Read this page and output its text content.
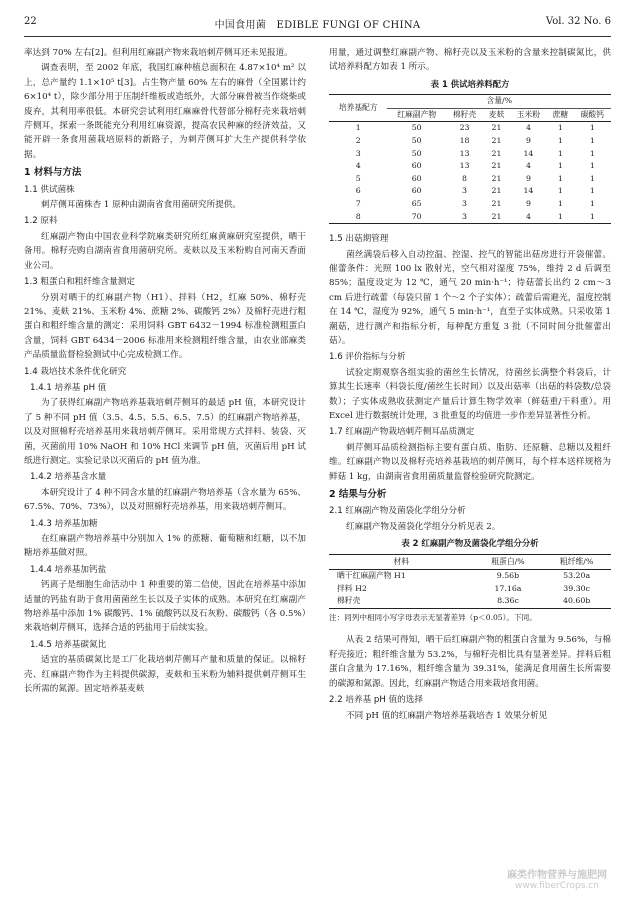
22	中国食用菌 EDIBLE FUNGI OF CHINA	Vol. 32 No. 6
率达到 70% 左右[2]。但利用红麻副产物来栽培刺芹侧耳还未见报道。
调查表明，至 2002 年底，我国红麻种植总面积在 4.87×10⁴ m² 以上，总产量约 1.1×10⁵ t[3]。占生物产量 60% 左右的麻骨（全国累计约 6×10⁴ t），除少部分用于压制纤维板或造纸外，大部分麻骨被当作烧柴或废弃，其利用率很低。本研究尝试利用红麻麻骨代替部分棉籽壳来栽培刺芹侧耳，探索一条既能充分利用红麻资源，提高农民种麻的经济效益，又能开辟一条食用菌栽培原料的新路子，为刺芹侧耳扩大生产提供科学依据。
1 材料与方法
1.1 供试菌株
刺芹侧耳菌株杏 1 原种由湖南省食用菌研究所提供。
1.2 原料
红麻副产物由中国农业科学院麻类研究所红麻黄麻研究室提供，晒干备用。棉籽壳购自湖南省食用菌研究所。麦麸以及玉米粉购自河南天香面业公司。
1.3 粗蛋白和粗纤维含量测定
分别对晒干的红麻副产物（H1）、拌料（H2，红麻 50%、棉籽壳 21%、麦麸 21%、玉米粉 4%、蔗糖 2%、碳酸钙 2%）及棉籽壳进行粗蛋白和粗纤维含量的测定：采用饲料 GBT 6432－1994 标准检测粗蛋白含量，饲料 GBT 6434－2006 标准用来检测粗纤维含量，由农业部麻类产品质量监督检验测试中心完成检测工作。
1.4 栽培技术条件优化研究
1.4.1 培养基 pH 值
为了获得红麻副产物培养基栽培刺芹侧耳的最适 pH 值，本研究设计了 5 种不同 pH 值（3.5、4.5、5.5、6.5、7.5）的红麻副产物培养基，以及对照棉籽壳培养基用来栽培刺芹侧耳。采用常规方式拌料、装袋、灭菌，灭菌前用 10% NaOH 和 10% HCl 来调节 pH 值，灭菌后用 pH 试纸进行测定。实验记录以灭菌后的 pH 值为准。
1.4.2 培养基含水量
本研究设计了 4 种不同含水量的红麻副产物培养基（含水量为 65%、67.5%、70%、73%），以及对照棉籽壳培养基，用来栽培刺芹侧耳。
1.4.3 培养基加糖
在红麻副产物培养基中分别加入 1% 的蔗糖、葡萄糖和红糖，以不加糖培养基做对照。
1.4.4 培养基加钙盐
钙离子是细胞生命活动中 1 种重要的第二信使，因此在培养基中添加适量的钙盐有助于食用菌菌丝生长以及子实体的成熟。本研究在红麻副产物培养基中添加 1% 碳酸钙、1% 硫酸钙以及石灰粉、碳酸钙（各 0.5%）来栽培刺芹侧耳，选择合适的钙盐用于后续实验。
1.4.5 培养基碳氮比
适宜的基质碳氮比是工厂化栽培刺芹侧耳产量和质量的保证。以棉籽壳、红麻副产物作为主料提供碳源，麦麸和玉米粉为辅料提供刺芹侧耳生长所需的氮源。固定培养基麦麸
用量，通过调整红麻副产物、棉籽壳以及玉米粉的含量来控制碳氮比，供试培养料配方如表 1 所示。
表 1 供试培养料配方
培养基配方	含量/%					
	红麻副产物	棉籽壳	麦麸	玉米粉	蔗糖	碳酸钙
1	50	23	21	4	1	1
2	50	18	21	9	1	1
3	50	13	21	14	1	1
4	60	13	21	4	1	1
5	60	8	21	9	1	1
6	60	3	21	14	1	1
7	65	3	21	9	1	1
8	70	3	21	4	1	1
1.5 出菇期管理
菌丝满袋后移入自动控温、控湿、控气的智能出菇房进行开袋催蕾。催蕾条件：光照 100 lx 散射光，空气相对湿度 75%，维持 2 d 后调至 85%；温度设定为 12 ℃，通气 20 min·h⁻¹；待菇蕾长出约 2 cm～3 cm 后进行疏蕾（每袋只留 1 个～2 个子实体）；疏蕾后需避光，温度控制在 14 ℃，湿度为 92%，通气 5 min·h⁻¹，直至子实体成熟。只采收第 1 潮菇，进行测产和指标分析，每种配方重复 3 批（不同时间分批催蕾出菇）。
1.6 评价指标与分析
试验定期观察各组实验的菌丝生长情况，待菌丝长满整个料袋后，计算其生长速率（料袋长度/菌丝生长时间）以及出菇率（出菇的料袋数/总袋数）；子实体成熟收获测定产量后计算生物学效率（鲜菇重/干料重）。用 Excel 进行数据统计处理，3 批重复的均值进一步作差异显著性分析。
1.7 红麻副产物栽培刺芹侧耳品质测定
刺芹侧耳品质检测指标主要有蛋白质、脂肪、还原糖、总糖以及粗纤维。红麻副产物以及棉籽壳培养基栽培的刺芹侧耳，每个样本送样规格为鲜菇 1 kg，由湖南省食用菌质量监督检验研究院测定。
2 结果与分析
2.1 红麻副产物及菌袋化学组分分析
红麻副产物及菌袋化学组分分析见表 2。
表 2 红麻副产物及菌袋化学组分分析
材料	粗蛋白/%	粗纤维/%
晒干红麻副产物 H1	9.56b	53.20a
拌料 H2	17.16a	39.30c
棉籽壳	8.36c	40.60b
注：同列中相同小写字母表示无显著差异（p＜0.05）。下同。
从表 2 结果可得知，晒干后红麻副产物的粗蛋白含量为 9.56%，与棉籽壳接近；粗纤维含量为 53.2%，与棉籽壳相比具有显著差异。拌料后粗蛋白含量为 17.16%，粗纤维含量为 39.31%，能满足食用菌生长所需要的碳源和氮源。因此，红麻副产物适合用来栽培食用菌。
2.2 培养基 pH 值的选择
不同 pH 值的红麻副产物培养基栽培杏 1 效果分析见
麻类作物营养与施肥网
www.fiberCrops.cn
